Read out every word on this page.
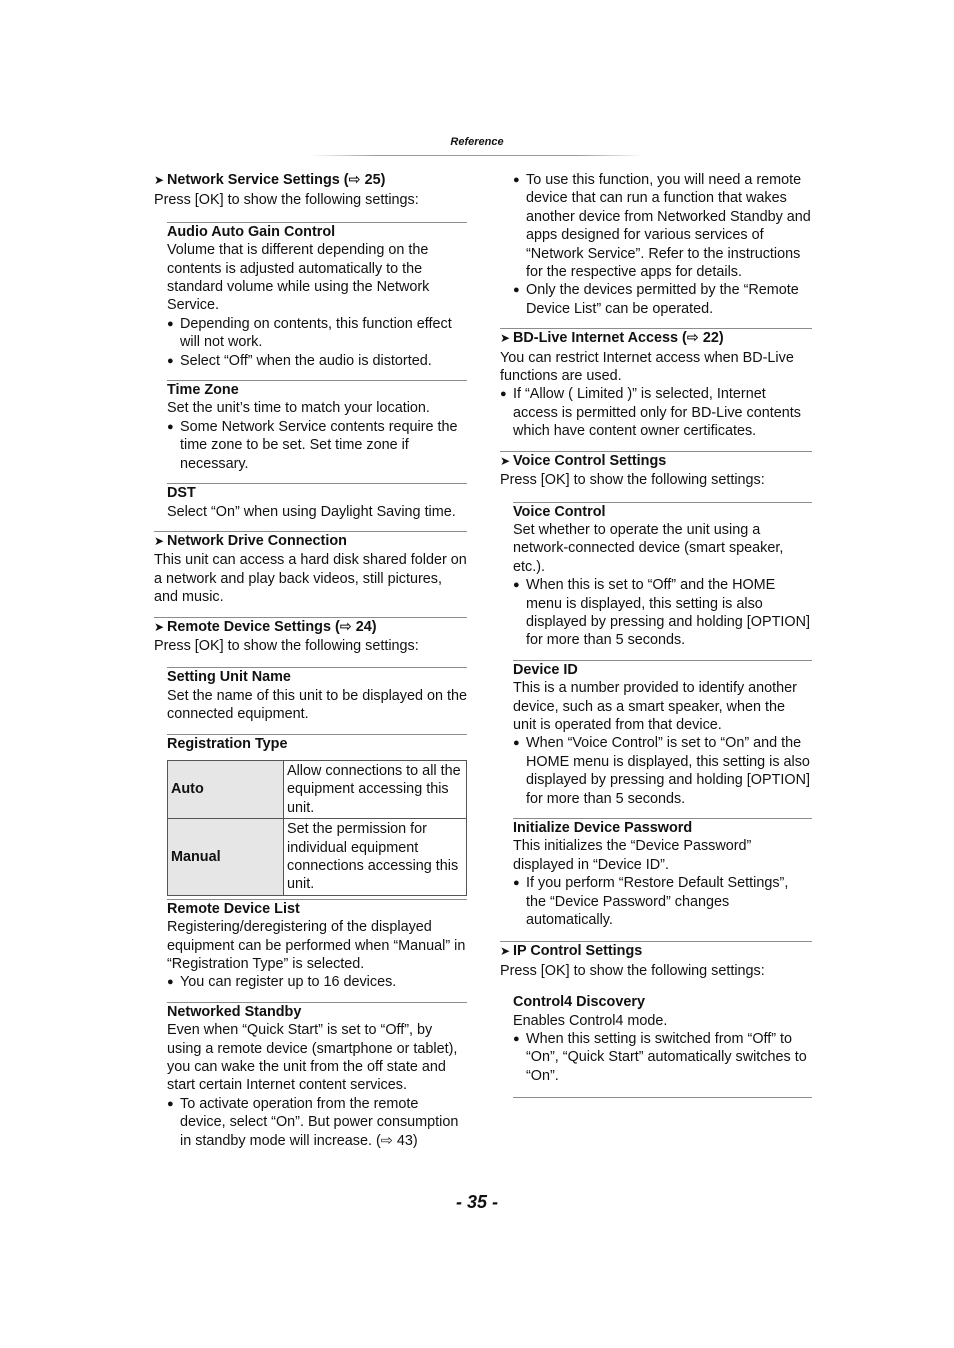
Reference
➤ Network Service Settings (⇨ 25)
Press [OK] to show the following settings:
Audio Auto Gain Control
Volume that is different depending on the contents is adjusted automatically to the standard volume while using the Network Service.
● Depending on contents, this function effect will not work.
● Select “Off” when the audio is distorted.
Time Zone
Set the unit’s time to match your location.
● Some Network Service contents require the time zone to be set. Set time zone if necessary.
DST
Select “On” when using Daylight Saving time.
➤ Network Drive Connection
This unit can access a hard disk shared folder on a network and play back videos, still pictures, and music.
➤ Remote Device Settings (⇨ 24)
Press [OK] to show the following settings:
Setting Unit Name
Set the name of this unit to be displayed on the connected equipment.
Registration Type
Auto	Allow connections to all the equipment accessing this unit.
Manual	Set the permission for individual equipment connections accessing this unit.
Remote Device List
Registering/deregistering of the displayed equipment can be performed when “Manual” in “Registration Type” is selected.
● You can register up to 16 devices.
Networked Standby
Even when “Quick Start” is set to “Off”, by using a remote device (smartphone or tablet), you can wake the unit from the off state and start certain Internet content services.
● To activate operation from the remote device, select “On”. But power consumption in standby mode will increase. (⇨ 43)
● To use this function, you will need a remote device that can run a function that wakes another device from Networked Standby and apps designed for various services of “Network Service”. Refer to the instructions for the respective apps for details.
● Only the devices permitted by the “Remote Device List” can be operated.
➤ BD-Live Internet Access (⇨ 22)
You can restrict Internet access when BD-Live functions are used.
● If “Allow ( Limited )” is selected, Internet access is permitted only for BD-Live contents which have content owner certificates.
➤ Voice Control Settings
Press [OK] to show the following settings:
Voice Control
Set whether to operate the unit using a network-connected device (smart speaker, etc.).
● When this is set to “Off” and the HOME menu is displayed, this setting is also displayed by pressing and holding [OPTION] for more than 5 seconds.
Device ID
This is a number provided to identify another device, such as a smart speaker, when the unit is operated from that device.
● When “Voice Control” is set to “On” and the HOME menu is displayed, this setting is also displayed by pressing and holding [OPTION] for more than 5 seconds.
Initialize Device Password
This initializes the “Device Password” displayed in “Device ID”.
● If you perform “Restore Default Settings”, the “Device Password” changes automatically.
➤ IP Control Settings
Press [OK] to show the following settings:
Control4 Discovery
Enables Control4 mode.
● When this setting is switched from “Off” to “On”, “Quick Start” automatically switches to “On”.
- 35 -
